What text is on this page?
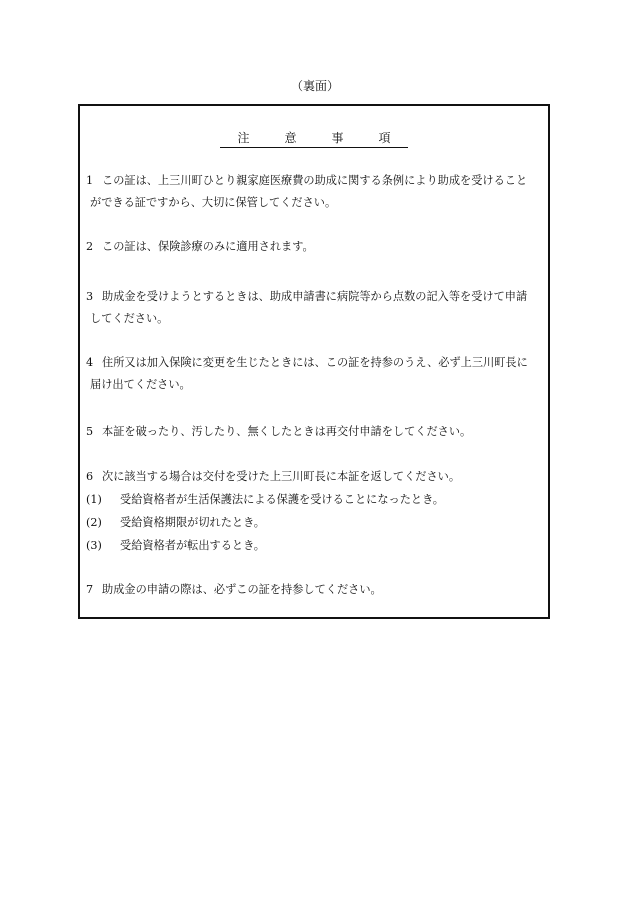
（裏面）
注	意	事	項
1 この証は、上三川町ひとり親家庭医療費の助成に関する条例により助成を受けること
ができる証ですから、大切に保管してください。
2 この証は、保険診療のみに適用されます。
3 助成金を受けようとするときは、助成申請書に病院等から点数の記入等を受けて申請
してください。
4 住所又は加入保険に変更を生じたときには、この証を持参のうえ、必ず上三川町長に
届け出てください。
5 本証を破ったり、汚したり、無くしたときは再交付申請をしてください。
6 次に該当する場合は交付を受けた上三川町長に本証を返してください。
(1) 受給資格者が生活保護法による保護を受けることになったとき。
(2) 受給資格期限が切れたとき。
(3) 受給資格者が転出するとき。
7 助成金の申請の際は、必ずこの証を持参してください。
